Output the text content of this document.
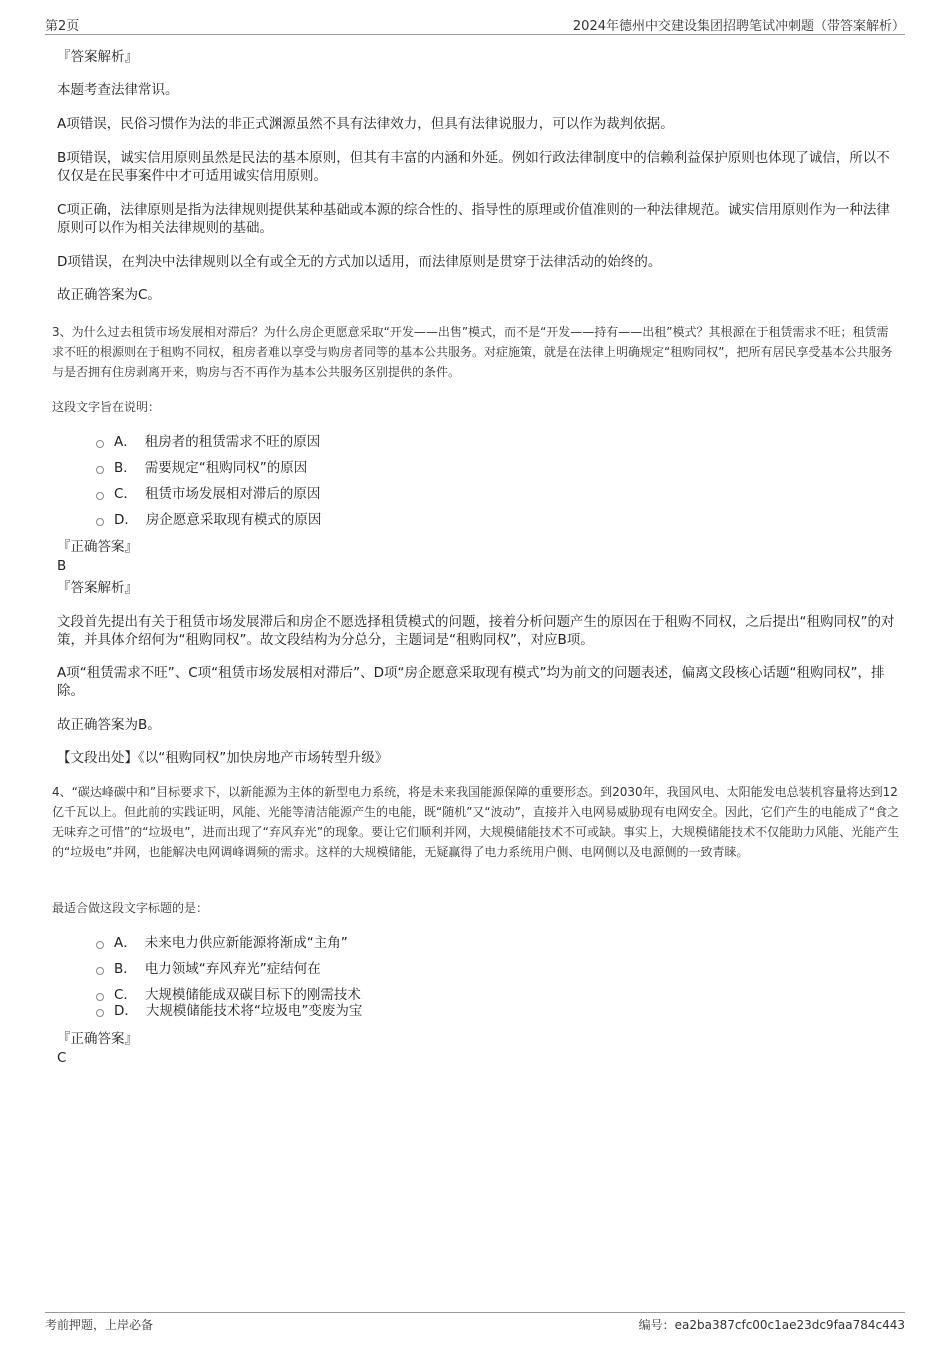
第2页	2024年德州中交建设集团招聘笔试冲刺题（带答案解析）
『答案解析』
本题考查法律常识。
A项错误，民俗习惯作为法的非正式渊源虽然不具有法律效力，但具有法律说服力，可以作为裁判依据。
B项错误，诚实信用原则虽然是民法的基本原则，但其有丰富的内涵和外延。例如行政法律制度中的信赖利益保护原则也体现了诚信，所以不仅仅是在民事案件中才可适用诚实信用原则。
C项正确，法律原则是指为法律规则提供某种基础或本源的综合性的、指导性的原理或价值准则的一种法律规范。诚实信用原则作为一种法律原则可以作为相关法律规则的基础。
D项错误，在判决中法律规则以全有或全无的方式加以适用，而法律原则是贯穿于法律活动的始终的。
故正确答案为C。
3、为什么过去租赁市场发展相对滞后？为什么房企更愿意采取“开发——出售”模式，而不是“开发——持有——出租”模式？其根源在于租赁需求不旺；租赁需求不旺的根源则在于租购不同权，租房者难以享受与购房者同等的基本公共服务。对症施策，就是在法律上明确规定“租购同权”，把所有居民享受基本公共服务与是否拥有住房剥离开来，购房与否不再作为基本公共服务区别提供的条件。
这段文字旨在说明：
A． 租房者的租赁需求不旺的原因
B． 需要规定“租购同权”的原因
C． 租赁市场发展相对滞后的原因
D． 房企愿意采取现有模式的原因
『正确答案』
B
『答案解析』
文段首先提出有关于租赁市场发展滞后和房企不愿选择租赁模式的问题，接着分析问题产生的原因在于租购不同权，之后提出“租购同权”的对策，并具体介绍何为“租购同权”。故文段结构为分总分，主题词是“租购同权”，对应B项。
A项“租赁需求不旺”、C项“租赁市场发展相对滞后”、D项“房企愿意采取现有模式”均为前文的问题表述，偏离文段核心话题“租购同权”，排除。
故正确答案为B。
【文段出处】《以“租购同权”加快房地产市场转型升级》
4、“碳达峰碳中和”目标要求下，以新能源为主体的新型电力系统，将是未来我国能源保障的重要形态。到2030年，我国风电、太阳能发电总装机容量将达到12亿千瓦以上。但此前的实践证明，风能、光能等清洁能源产生的电能，既“随机”又“波动”，直接并入电网易威胁现有电网安全。因此，它们产生的电能成了“食之无味弃之可惜”的“垃圾电”，进而出现了“弃风弃光”的现象。要让它们顺利并网，大规模储能技术不可或缺。事实上，大规模储能技术不仅能助力风能、光能产生的“垃圾电”并网，也能解决电网调峰调频的需求。这样的大规模储能，无疑赢得了电力系统用户侧、电网侧以及电源侧的一致青睐。
最适合做这段文字标题的是：
A． 未来电力供应新能源将渐成“主角”
B． 电力领域“弃风弃光”症结何在
C． 大规模储能成双碳目标下的刚需技术
D． 大规模储能技术将“垃圾电”变废为宝
『正确答案』
C
考前押题，上岸必备	编号：ea2ba387cfc00c1ae23dc9faa784c443
